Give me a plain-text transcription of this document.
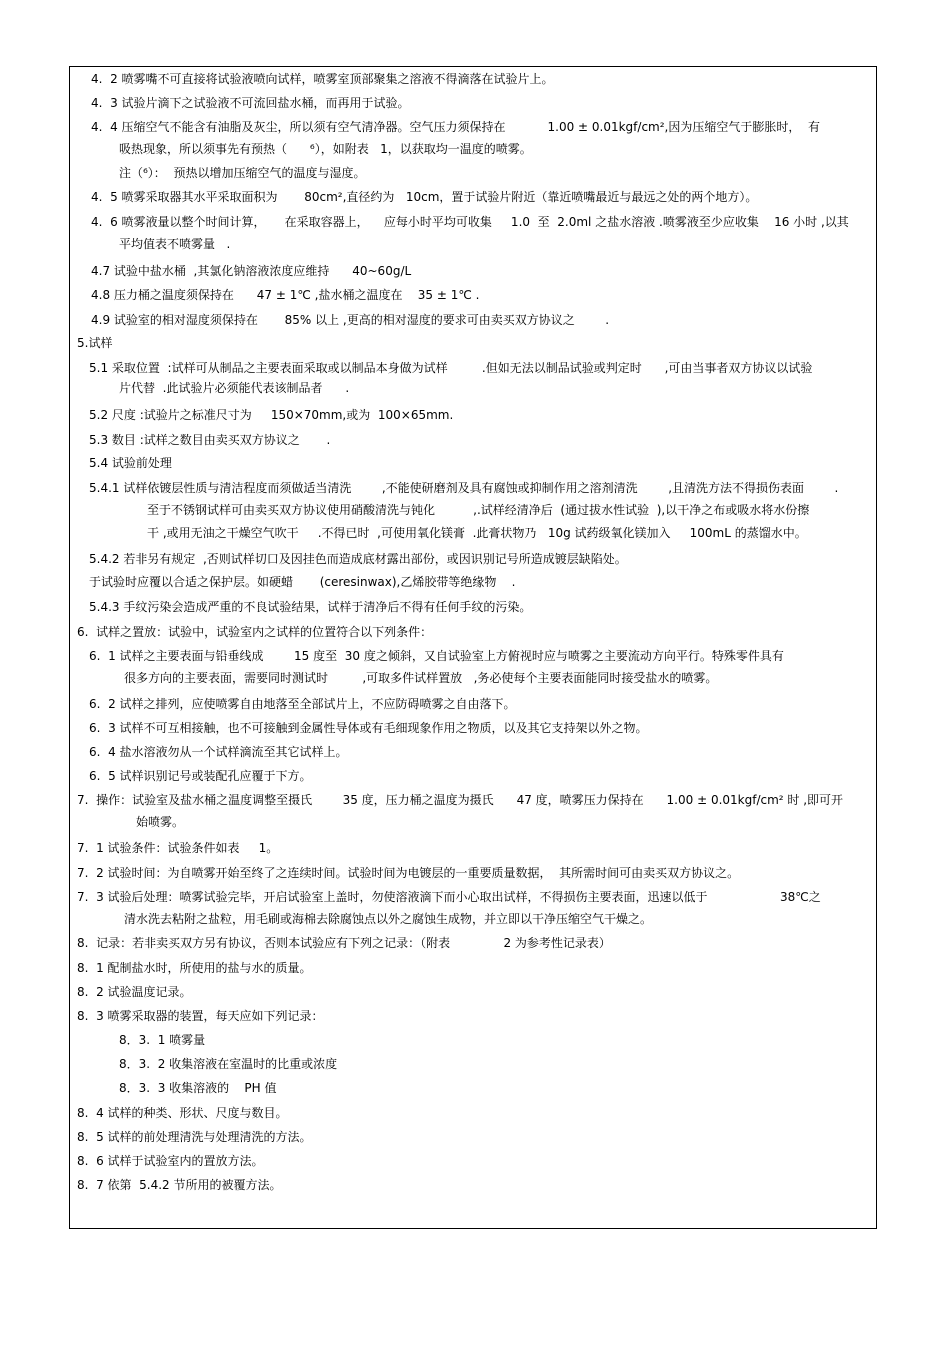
4.  2 喷雾嘴不可直接将试验液喷向试样，喷雾室顶部聚集之溶液不得滴落在试验片上。
4.  3 试验片滴下之试验液不可流回盐水桶，而再用于试验。
4.  4 压缩空气不能含有油脂及灰尘，所以须有空气清净器。空气压力须保持在           1.00 ± 0.01kgf/cm²,因为压缩空气于膨胀时，  有
吸热现象，所以须事先有预热（      ⁶），如附表   1，以获取均一温度的喷雾。
注（⁶）：  预热以增加压缩空气的温度与湿度。
4.  5 喷雾采取器其水平采取面积为       80cm²,直径约为   10cm，置于试验片附近（靠近喷嘴最近与最远之处的两个地方）。
4.  6 喷雾液量以整个时间计算，     在采取容器上，    应每小时平均可收集     1.0  至  2.0ml 之盐水溶液 .喷雾液至少应收集    16 小时 ,以其
平均值表不喷雾量   .
4.7 试验中盐水桶  ,其氯化钠溶液浓度应维持      40~60g/L
4.8 压力桶之温度须保持在      47 ± 1℃ ,盐水桶之温度在    35 ± 1℃ .
4.9 试验室的相对湿度须保持在       85% 以上 ,更高的相对湿度的要求可由卖买双方协议之        .
5.试样
5.1 采取位置  :试样可从制品之主要表面采取或以制品本身做为试样         .但如无法以制品试验或判定时      ,可由当事者双方协议以试验
片代替  .此试验片必须能代表该制品者      .
5.2 尺度 :试验片之标准尺寸为     150×70mm,或为  100×65mm.
5.3 数目 :试样之数目由卖买双方协议之       .
5.4 试验前处理
5.4.1 试样依镀层性质与清洁程度而须做适当清洗        ,不能使研磨剂及具有腐蚀或抑制作用之溶剂清洗        ,且清洗方法不得损伤表面        .
至于不锈钢试样可由卖买双方协议使用硝酸清洗与钝化          ,.试样经清净后  (通过拔水性试验  ),以干净之布或吸水将水份擦
干 ,或用无油之干燥空气吹干     .不得已时  ,可使用氧化镁膏  .此膏状物乃   10g 试药级氧化镁加入     100mL 的蒸馏水中。
5.4.2 若非另有规定  ,否则试样切口及因挂色而造成底材露出部份，或因识别记号所造成镀层缺陷处。
于试验时应覆以合适之保护层。如硬蜡       (ceresinwax),乙烯胶带等绝缘物    .
5.4.3 手纹污染会造成严重的不良试验结果，试样于清净后不得有任何手纹的污染。
6.  试样之置放：试验中，试验室内之试样的位置符合以下列条件：
6.  1 试样之主要表面与铅垂线成        15 度至  30 度之倾斜，又自试验室上方俯视时应与喷雾之主要流动方向平行。特殊零件具有
很多方向的主要表面，需要同时测试时         ,可取多件试样置放   ,务必使每个主要表面能同时接受盐水的喷雾。
6.  2 试样之排列，应使喷雾自由地落至全部试片上，不应防碍喷雾之自由落下。
6.  3 试样不可互相接触，也不可接触到金属性导体或有毛细现象作用之物质，以及其它支持架以外之物。
6.  4 盐水溶液勿从一个试样滴流至其它试样上。
6.  5 试样识别记号或装配孔应覆于下方。
7.  操作：试验室及盐水桶之温度调整至摄氏        35 度，压力桶之温度为摄氏      47 度，喷雾压力保持在      1.00 ± 0.01kgf/cm² 时 ,即可开
始喷雾。
7.  1 试验条件：试验条件如表     1。
7.  2 试验时间：为自喷雾开始至终了之连续时间。试验时间为电镀层的一重要质量数据，  其所需时间可由卖买双方协议之。
7.  3 试验后处理：喷雾试验完毕，开启试验室上盖时，勿使溶液滴下而小心取出试样，不得损伤主要表面，迅速以低于                   38℃之
清水洗去粘附之盐粒，用毛刷或海棉去除腐蚀点以外之腐蚀生成物，并立即以干净压缩空气干燥之。
8.  记录：若非卖买双方另有协议，否则本试验应有下列之记录：（附表              2 为参考性记录表）
8.  1 配制盐水时，所使用的盐与水的质量。
8.  2 试验温度记录。
8.  3 喷雾采取器的装置，每天应如下列记录：
8．3.  1 喷雾量
8．3.  2 收集溶液在室温时的比重或浓度
8．3.  3 收集溶液的    PH 值
8.  4 试样的种类、形状、尺度与数目。
8.  5 试样的前处理清洗与处理清洗的方法。
8.  6 试样于试验室内的置放方法。
8.  7 依第  5.4.2 节所用的被覆方法。
